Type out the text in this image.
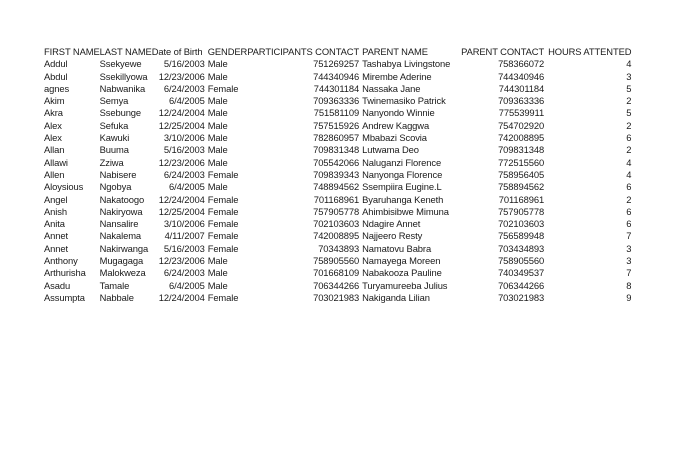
FIRST NAME	LAST NAME	Date of Birth	GENDER	PARTICIPANTS CONTACT	PARENT NAME	PARENT CONTACT	HOURS ATTENTED
Addul	Ssekyewe	5/16/2003	Male	751269257	Tashabya Livingstone	758366072	4
Abdul	Ssekillyowa	12/23/2006	Male	744340946	Mirembe Aderine	744340946	3
agnes	Nabwanika	6/24/2003	Female	744301184	Nassaka Jane	744301184	5
Akim	Semya	6/4/2005	Male	709363336	Twinemasiko Patrick	709363336	2
Akra	Ssebunge	12/24/2004	Male	751581109	Nanyondo Winnie	775539911	5
Alex	Sefuka	12/25/2004	Male	757515926	Andrew Kaggwa	754702920	2
Alex	Kawuki	3/10/2006	Male	782860957	Mbabazi Scovia	742008895	6
Allan	Buuma	5/16/2003	Male	709831348	Lutwama Deo	709831348	2
Allawi	Zziwa	12/23/2006	Male	705542066	Naluganzi Florence	772515560	4
Allen	Nabisere	6/24/2003	Female	709839343	Nanyonga Florence	758956405	4
Aloysious	Ngobya	6/4/2005	Male	748894562	Ssempiira Eugine.L	758894562	6
Angel	Nakatoogo	12/24/2004	Female	701168961	Byaruhanga Keneth	701168961	2
Anish	Nakiryowa	12/25/2004	Female	757905778	Ahimbisibwe Mimuna	757905778	6
Anita	Nansalire	3/10/2006	Female	702103603	Ndagire Annet	702103603	6
Annet	Nakalema	4/11/2007	Female	742008895	Najjeero Resty	756589948	7
Annet	Nakirwanga	5/16/2003	Female	70343893	Namatovu Babra	703434893	3
Anthony	Mugagaga	12/23/2006	Male	758905560	Namayega Moreen	758905560	3
Arthurisha	Malokweza	6/24/2003	Male	701668109	Nabakooza Pauline	740349537	7
Asadu	Tamale	6/4/2005	Male	706344266	Turyamureeba Julius	706344266	8
Assumpta	Nabbale	12/24/2004	Female	703021983	Nakiganda Lilian	703021983	9
